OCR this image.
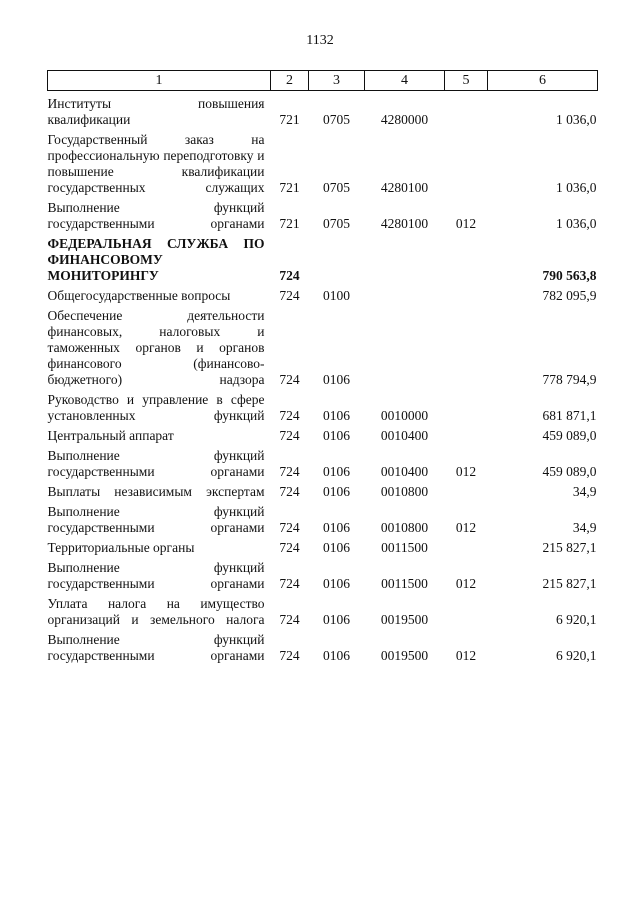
1132
1	2	3	4	5	6
Институты повышения квалификации	721	0705	4280000		1 036,0
Государственный заказ на профессиональную переподготовку и повышение квалификации государственных служащих	721	0705	4280100		1 036,0
Выполнение функций государственными органами	721	0705	4280100	012	1 036,0
ФЕДЕРАЛЬНАЯ СЛУЖБА ПО ФИНАНСОВОМУ МОНИТОРИНГУ	724				790 563,8
Общегосударственные вопросы	724	0100			782 095,9
Обеспечение деятельности финансовых, налоговых и таможенных органов и органов финансового (финансово-бюджетного) надзора	724	0106			778 794,9
Руководство и управление в сфере установленных функций	724	0106	0010000		681 871,1
Центральный аппарат	724	0106	0010400		459 089,0
Выполнение функций государственными органами	724	0106	0010400	012	459 089,0
Выплаты независимым экспертам	724	0106	0010800		34,9
Выполнение функций государственными органами	724	0106	0010800	012	34,9
Территориальные органы	724	0106	0011500		215 827,1
Выполнение функций государственными органами	724	0106	0011500	012	215 827,1
Уплата налога на имущество организаций и земельного налога	724	0106	0019500		6 920,1
Выполнение функций государственными органами	724	0106	0019500	012	6 920,1
